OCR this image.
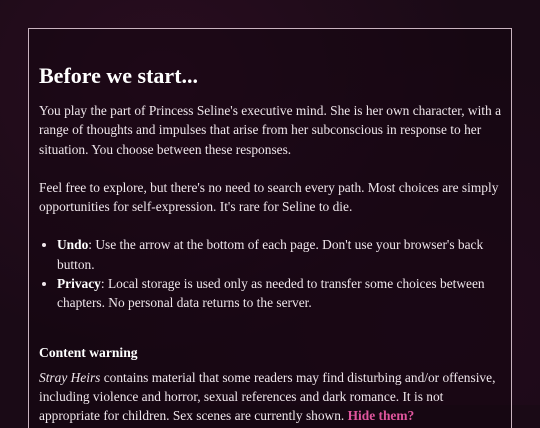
Before we start...

You play the part of Princess Seline's executive mind. She is her own character, with a range of thoughts and impulses that arise from her subconscious in response to her situation. You choose between these responses.

Feel free to explore, but there's no need to search every path. Most choices are simply opportunities for self-expression. It's rare for Seline to die.

• Undo: Use the arrow at the bottom of each page. Don't use your browser's back button.
• Privacy: Local storage is used only as needed to transfer some choices between chapters. No personal data returns to the server.
Content warning

Stray Heirs contains material that some readers may find disturbing and/or offensive, including violence and horror, sexual references and dark romance. It is not appropriate for children. Sex scenes are currently shown. Hide them?
